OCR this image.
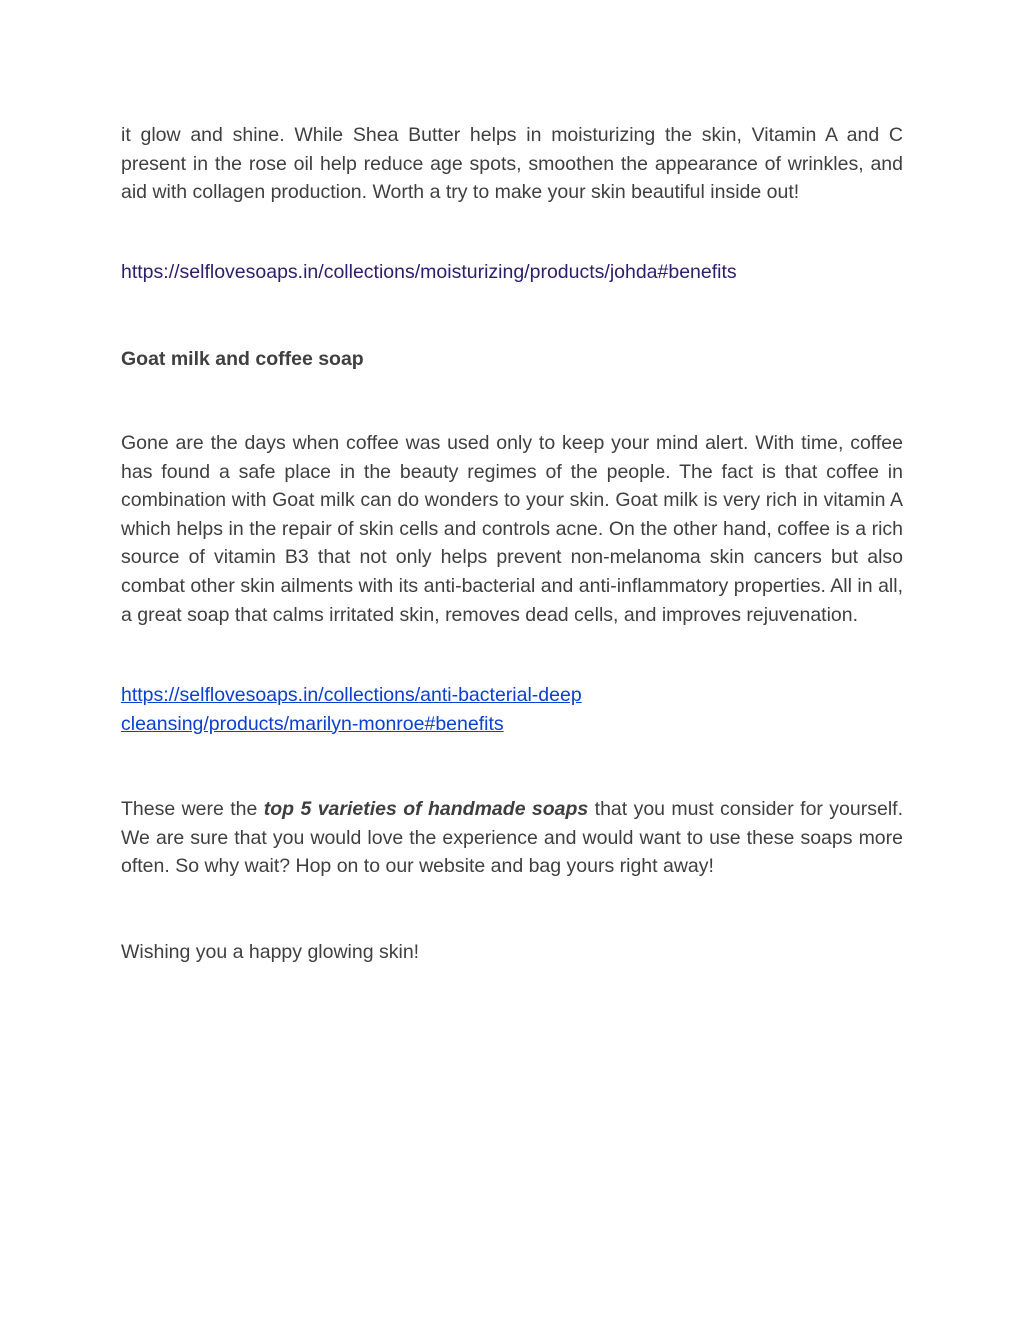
it glow and shine. While Shea Butter helps in moisturizing the skin, Vitamin A and C present in the rose oil help reduce age spots, smoothen the appearance of wrinkles, and aid with collagen production. Worth a try to make your skin beautiful inside out!

https://selflovesoaps.in/collections/moisturizing/products/johda#benefits

Goat milk and coffee soap

Gone are the days when coffee was used only to keep your mind alert. With time, coffee has found a safe place in the beauty regimes of the people. The fact is that coffee in combination with Goat milk can do wonders to your skin. Goat milk is very rich in vitamin A which helps in the repair of skin cells and controls acne. On the other hand, coffee is a rich source of vitamin B3 that not only helps prevent non-melanoma skin cancers but also combat other skin ailments with its anti-bacterial and anti-inflammatory properties. All in all, a great soap that calms irritated skin, removes dead cells, and improves rejuvenation.

https://selflovesoaps.in/collections/anti-bacterial-deep
cleansing/products/marilyn-monroe#benefits

These were the top 5 varieties of handmade soaps that you must consider for yourself. We are sure that you would love the experience and would want to use these soaps more often. So why wait? Hop on to our website and bag yours right away!

Wishing you a happy glowing skin!
